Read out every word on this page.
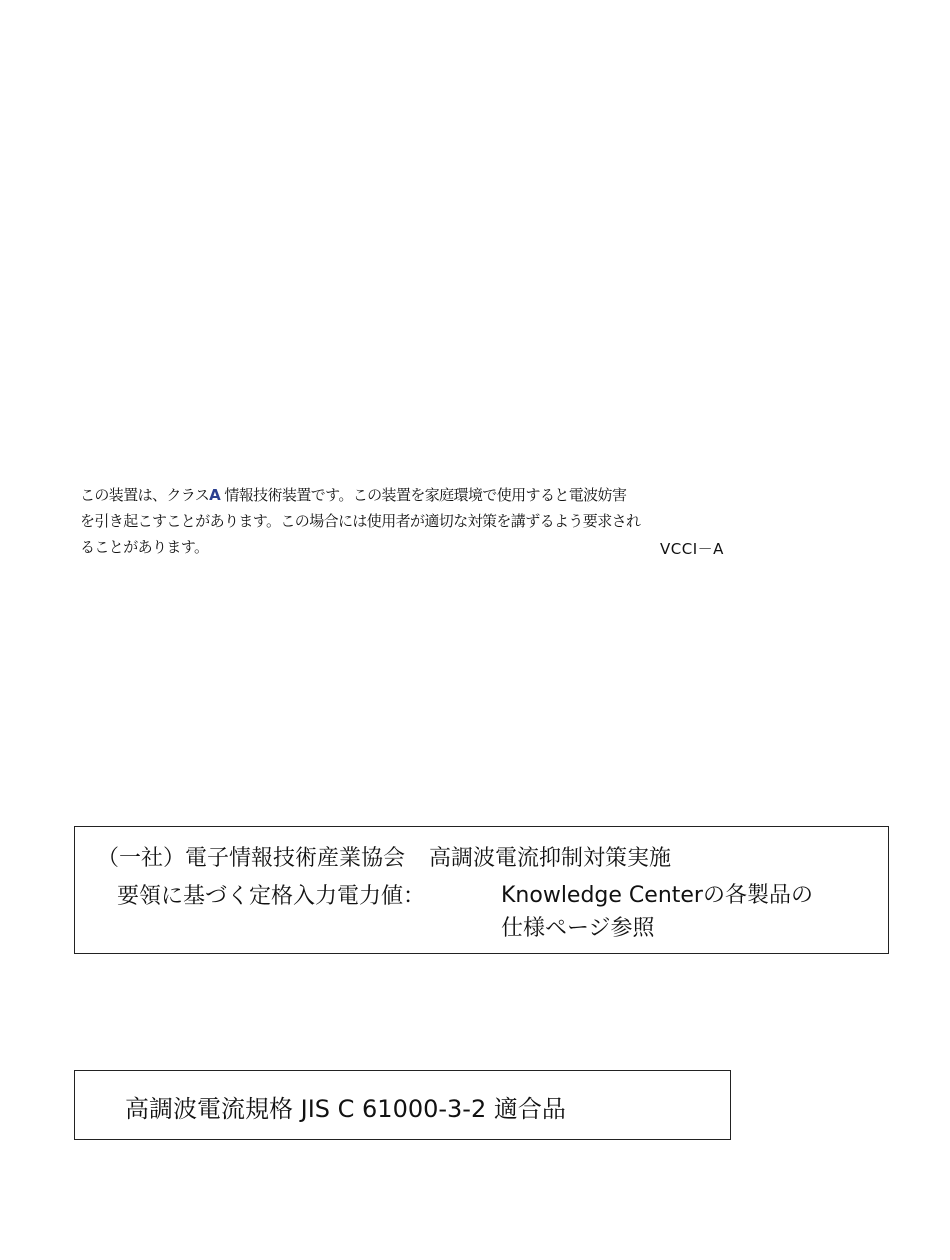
この装置は、クラスA 情報技術装置です。この装置を家庭環境で使用すると電波妨害
を引き起こすことがあります。この場合には使用者が適切な対策を講ずるよう要求され
ることがあります。	VCCI－A
（一社）電子情報技術産業協会 高調波電流抑制対策実施
要領に基づく定格入力電力値：	Knowledge Centerの各製品の
仕様ページ参照
高調波電流規格 JIS C 61000-3-2 適合品
